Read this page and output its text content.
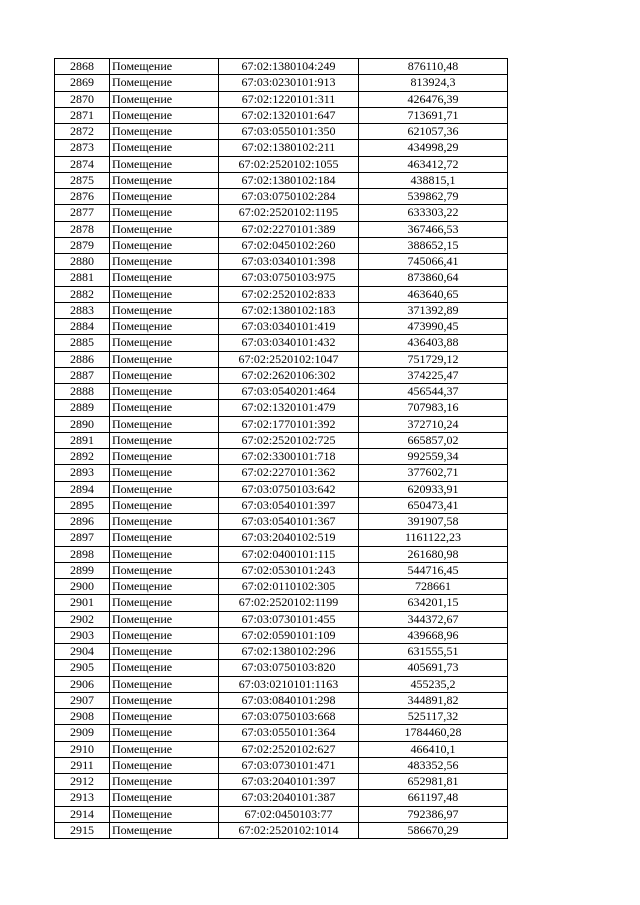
2868	Помещение	67:02:1380104:249	876110,48
2869	Помещение	67:03:0230101:913	813924,3
2870	Помещение	67:02:1220101:311	426476,39
2871	Помещение	67:02:1320101:647	713691,71
2872	Помещение	67:03:0550101:350	621057,36
2873	Помещение	67:02:1380102:211	434998,29
2874	Помещение	67:02:2520102:1055	463412,72
2875	Помещение	67:02:1380102:184	438815,1
2876	Помещение	67:03:0750102:284	539862,79
2877	Помещение	67:02:2520102:1195	633303,22
2878	Помещение	67:02:2270101:389	367466,53
2879	Помещение	67:02:0450102:260	388652,15
2880	Помещение	67:03:0340101:398	745066,41
2881	Помещение	67:03:0750103:975	873860,64
2882	Помещение	67:02:2520102:833	463640,65
2883	Помещение	67:02:1380102:183	371392,89
2884	Помещение	67:03:0340101:419	473990,45
2885	Помещение	67:03:0340101:432	436403,88
2886	Помещение	67:02:2520102:1047	751729,12
2887	Помещение	67:02:2620106:302	374225,47
2888	Помещение	67:03:0540201:464	456544,37
2889	Помещение	67:02:1320101:479	707983,16
2890	Помещение	67:02:1770101:392	372710,24
2891	Помещение	67:02:2520102:725	665857,02
2892	Помещение	67:02:3300101:718	992559,34
2893	Помещение	67:02:2270101:362	377602,71
2894	Помещение	67:03:0750103:642	620933,91
2895	Помещение	67:03:0540101:397	650473,41
2896	Помещение	67:03:0540101:367	391907,58
2897	Помещение	67:03:2040102:519	1161122,23
2898	Помещение	67:02:0400101:115	261680,98
2899	Помещение	67:02:0530101:243	544716,45
2900	Помещение	67:02:0110102:305	728661
2901	Помещение	67:02:2520102:1199	634201,15
2902	Помещение	67:03:0730101:455	344372,67
2903	Помещение	67:02:0590101:109	439668,96
2904	Помещение	67:02:1380102:296	631555,51
2905	Помещение	67:03:0750103:820	405691,73
2906	Помещение	67:03:0210101:1163	455235,2
2907	Помещение	67:03:0840101:298	344891,82
2908	Помещение	67:03:0750103:668	525117,32
2909	Помещение	67:03:0550101:364	1784460,28
2910	Помещение	67:02:2520102:627	466410,1
2911	Помещение	67:03:0730101:471	483352,56
2912	Помещение	67:03:2040101:397	652981,81
2913	Помещение	67:03:2040101:387	661197,48
2914	Помещение	67:02:0450103:77	792386,97
2915	Помещение	67:02:2520102:1014	586670,29
